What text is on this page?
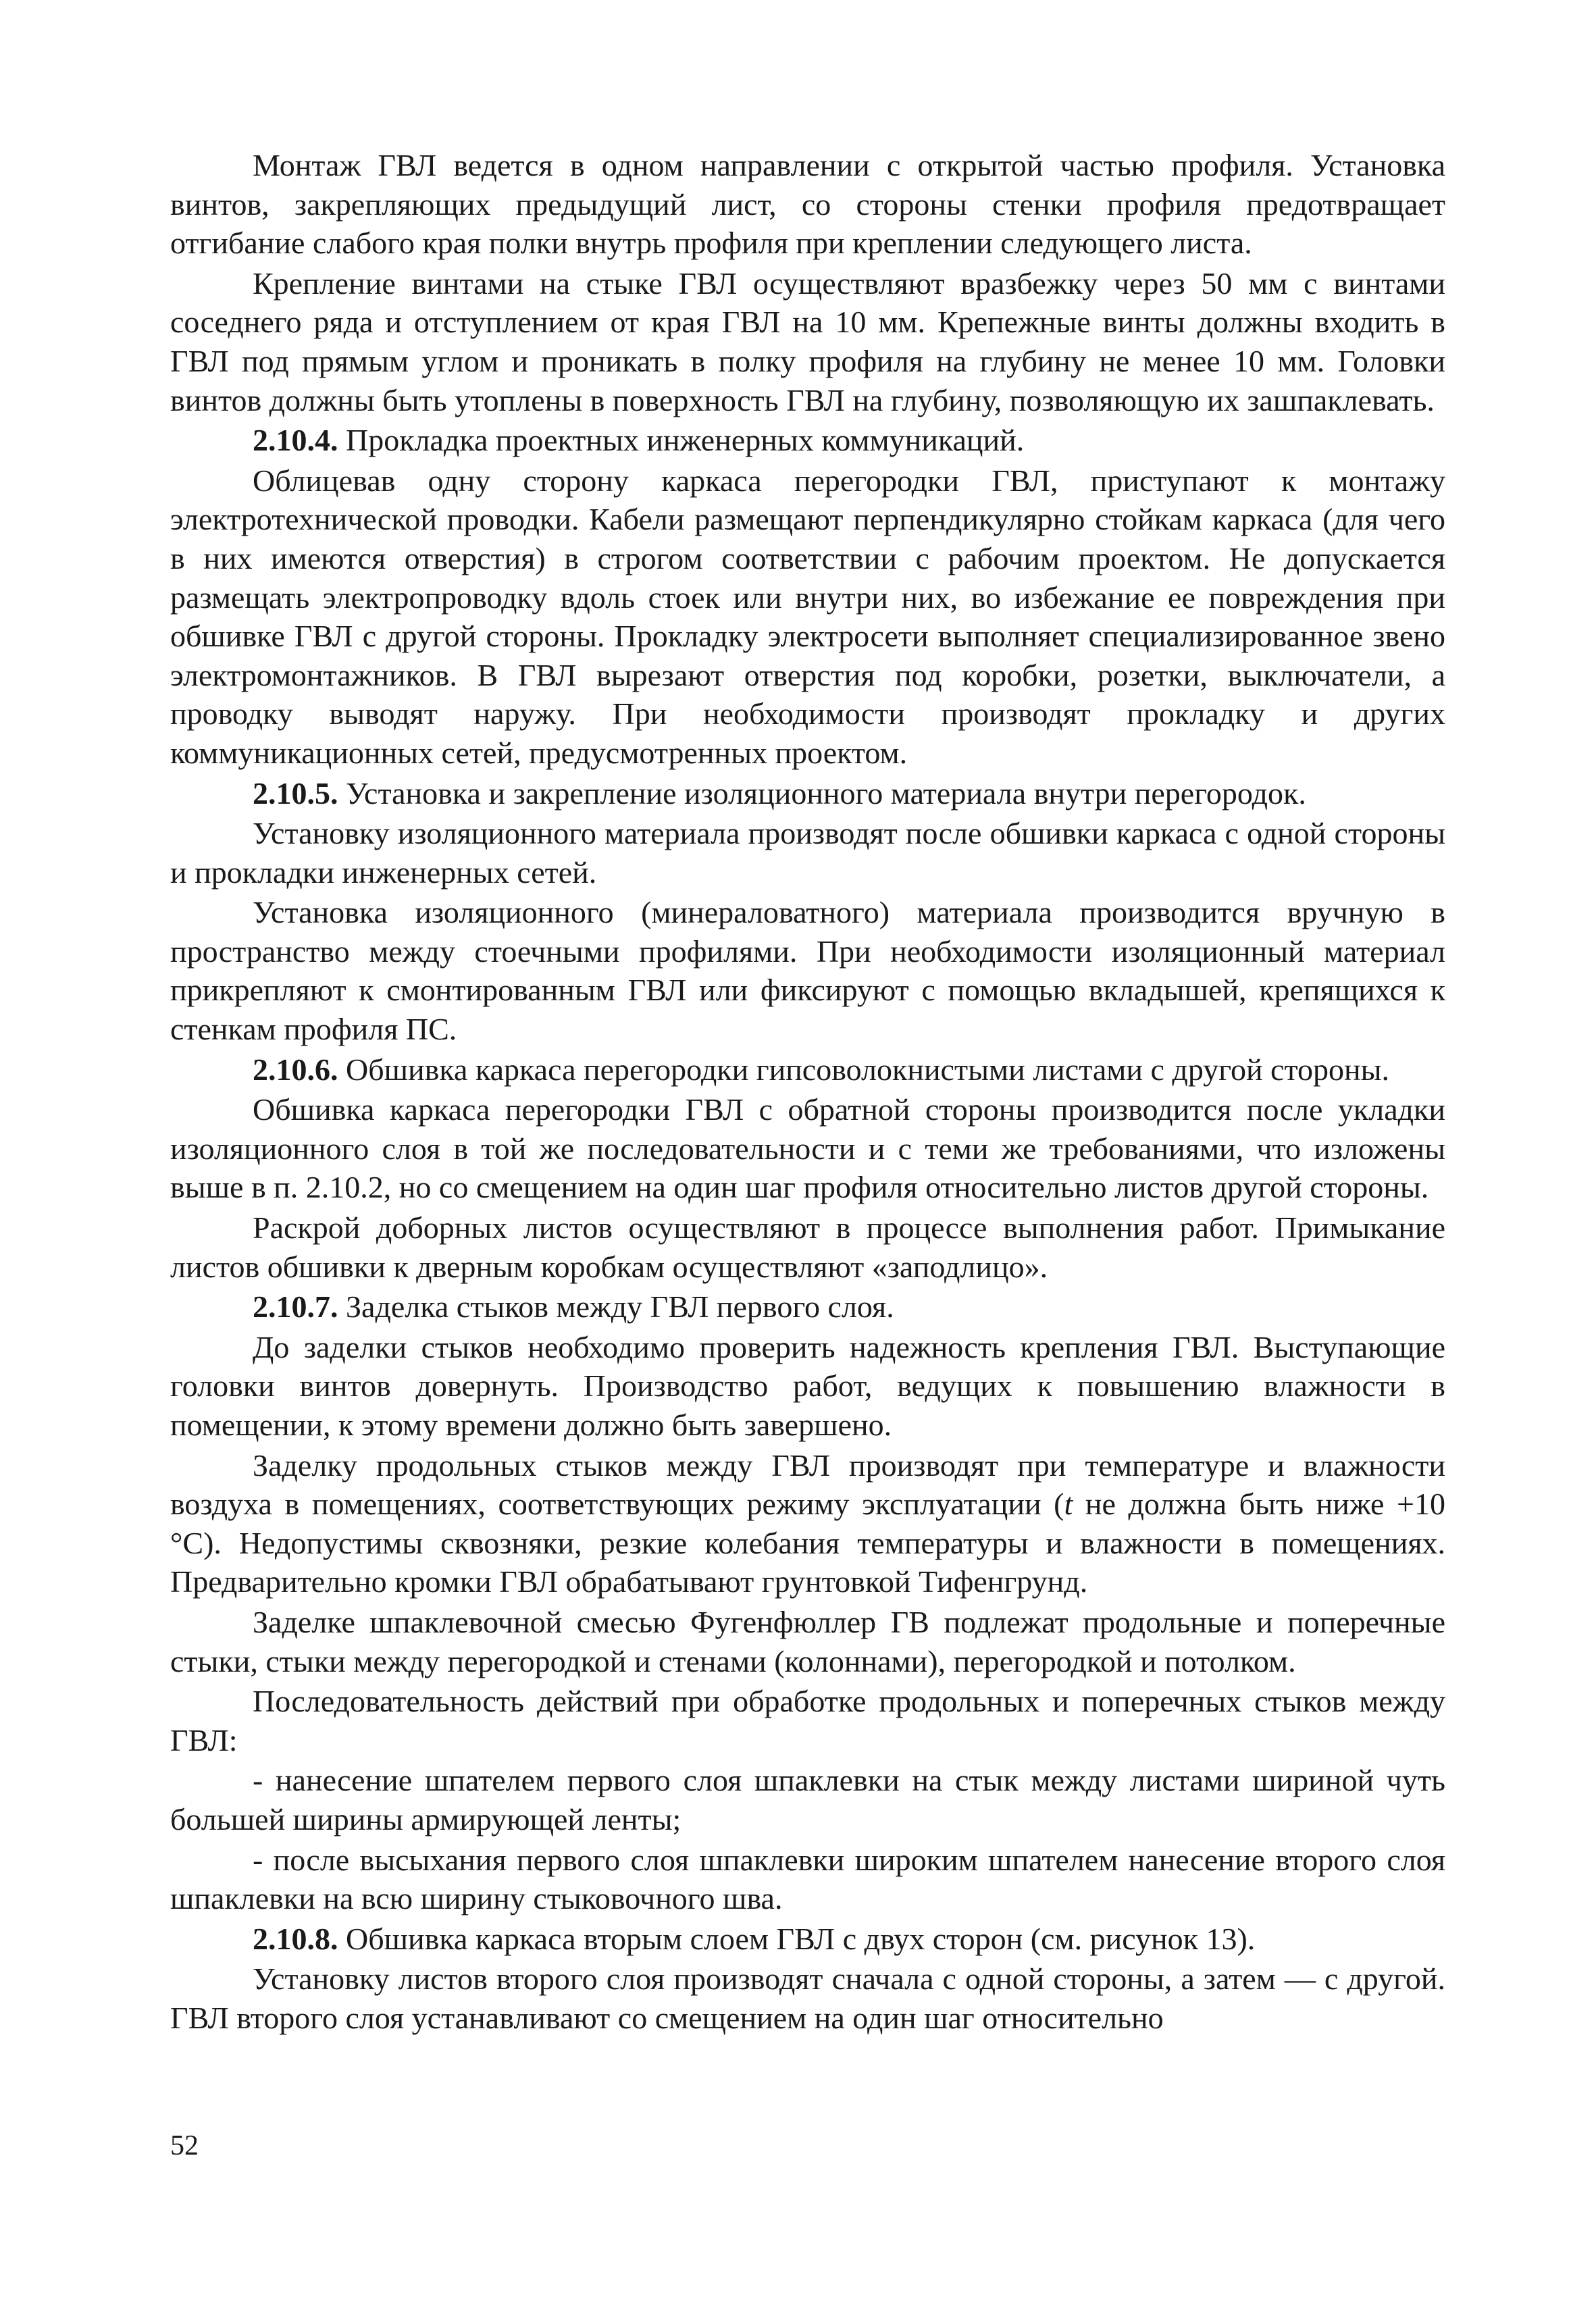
Монтаж ГВЛ ведется в одном направлении с открытой частью профиля. Установка винтов, закрепляющих предыдущий лист, со стороны стенки профиля предотвращает отгибание слабого края полки внутрь профиля при креплении следующего листа.

Крепление винтами на стыке ГВЛ осуществляют вразбежку через 50 мм с винтами соседнего ряда и отступлением от края ГВЛ на 10 мм. Крепежные винты должны входить в ГВЛ под прямым углом и проникать в полку профиля на глубину не менее 10 мм. Головки винтов должны быть утоплены в поверхность ГВЛ на глубину, позволяющую их зашпаклевать.

2.10.4. Прокладка проектных инженерных коммуникаций.

Облицевав одну сторону каркаса перегородки ГВЛ, приступают к монтажу электротехнической проводки. Кабели размещают перпендикулярно стойкам каркаса (для чего в них имеются отверстия) в строгом соответствии с рабочим проектом. Не допускается размещать электропроводку вдоль стоек или внутри них, во избежание ее повреждения при обшивке ГВЛ с другой стороны. Прокладку электросети выполняет специализированное звено электромонтажников. В ГВЛ вырезают отверстия под коробки, розетки, выключатели, а проводку выводят наружу. При необходимости производят прокладку и других коммуникационных сетей, предусмотренных проектом.

2.10.5. Установка и закрепление изоляционного материала внутри перегородок.

Установку изоляционного материала производят после обшивки каркаса с одной стороны и прокладки инженерных сетей.

Установка изоляционного (минераловатного) материала производится вручную в пространство между стоечными профилями. При необходимости изоляционный материал прикрепляют к смонтированным ГВЛ или фиксируют с помощью вкладышей, крепящихся к стенкам профиля ПС.

2.10.6. Обшивка каркаса перегородки гипсоволокнистыми листами с другой стороны.

Обшивка каркаса перегородки ГВЛ с обратной стороны производится после укладки изоляционного слоя в той же последовательности и с теми же требованиями, что изложены выше в п. 2.10.2, но со смещением на один шаг профиля относительно листов другой стороны.

Раскрой доборных листов осуществляют в процессе выполнения работ. Примыкание листов обшивки к дверным коробкам осуществляют «заподлицо».

2.10.7. Заделка стыков между ГВЛ первого слоя.

До заделки стыков необходимо проверить надежность крепления ГВЛ. Выступающие головки винтов довернуть. Производство работ, ведущих к повышению влажности в помещении, к этому времени должно быть завершено.

Заделку продольных стыков между ГВЛ производят при температуре и влажности воздуха в помещениях, соответствующих режиму эксплуатации (t не должна быть ниже +10 °С). Недопустимы сквозняки, резкие колебания температуры и влажности в помещениях. Предварительно кромки ГВЛ обрабатывают грунтовкой Тифенгрунд.

Заделке шпаклевочной смесью Фугенфюллер ГВ подлежат продольные и поперечные стыки, стыки между перегородкой и стенами (колоннами), перегородкой и потолком.

Последовательность действий при обработке продольных и поперечных стыков между ГВЛ:

- нанесение шпателем первого слоя шпаклевки на стык между листами шириной чуть большей ширины армирующей ленты;

- после высыхания первого слоя шпаклевки широким шпателем нанесение второго слоя шпаклевки на всю ширину стыковочного шва.

2.10.8. Обшивка каркаса вторым слоем ГВЛ с двух сторон (см. рисунок 13).

Установку листов второго слоя производят сначала с одной стороны, а затем — с другой. ГВЛ второго слоя устанавливают со смещением на один шаг относительно

52
